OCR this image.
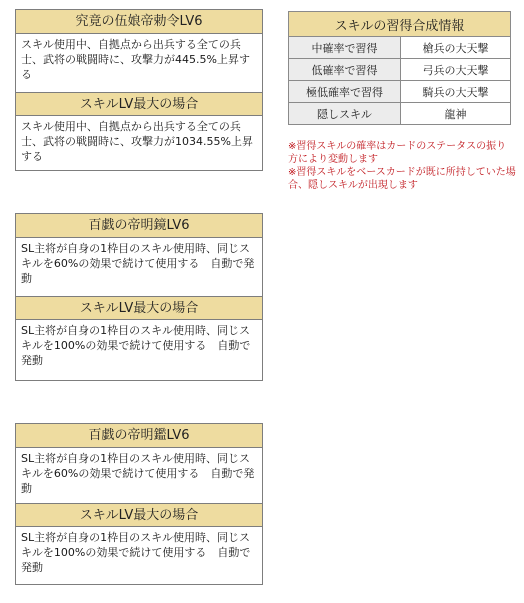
究竟の伍娘帝勅令LV6
スキル使用中、自拠点から出兵する全ての兵士、武将の戦闘時に、攻撃力が445.5%上昇する
スキルLV最大の場合
スキル使用中、自拠点から出兵する全ての兵士、武将の戦闘時に、攻撃力が1034.55%上昇する
スキルの習得合成情報	
中確率で習得	槍兵の大天撃
低確率で習得	弓兵の大天撃
極低確率で習得	騎兵の大天撃
隠しスキル	龍神
※習得スキルの確率はカードのステータスの振り方により変動します
※習得スキルをベースカードが既に所持していた場合、隠しスキルが出現します
百戯の帝明鏡LV6
SL主将が自身の1枠目のスキル使用時、同じスキルを60%の効果で続けて使用する　自動で発動
スキルLV最大の場合
SL主将が自身の1枠目のスキル使用時、同じスキルを100%の効果で続けて使用する　自動で発動
百戯の帝明鑑LV6
SL主将が自身の1枠目のスキル使用時、同じスキルを60%の効果で続けて使用する　自動で発動
スキルLV最大の場合
SL主将が自身の1枠目のスキル使用時、同じスキルを100%の効果で続けて使用する　自動で発動
